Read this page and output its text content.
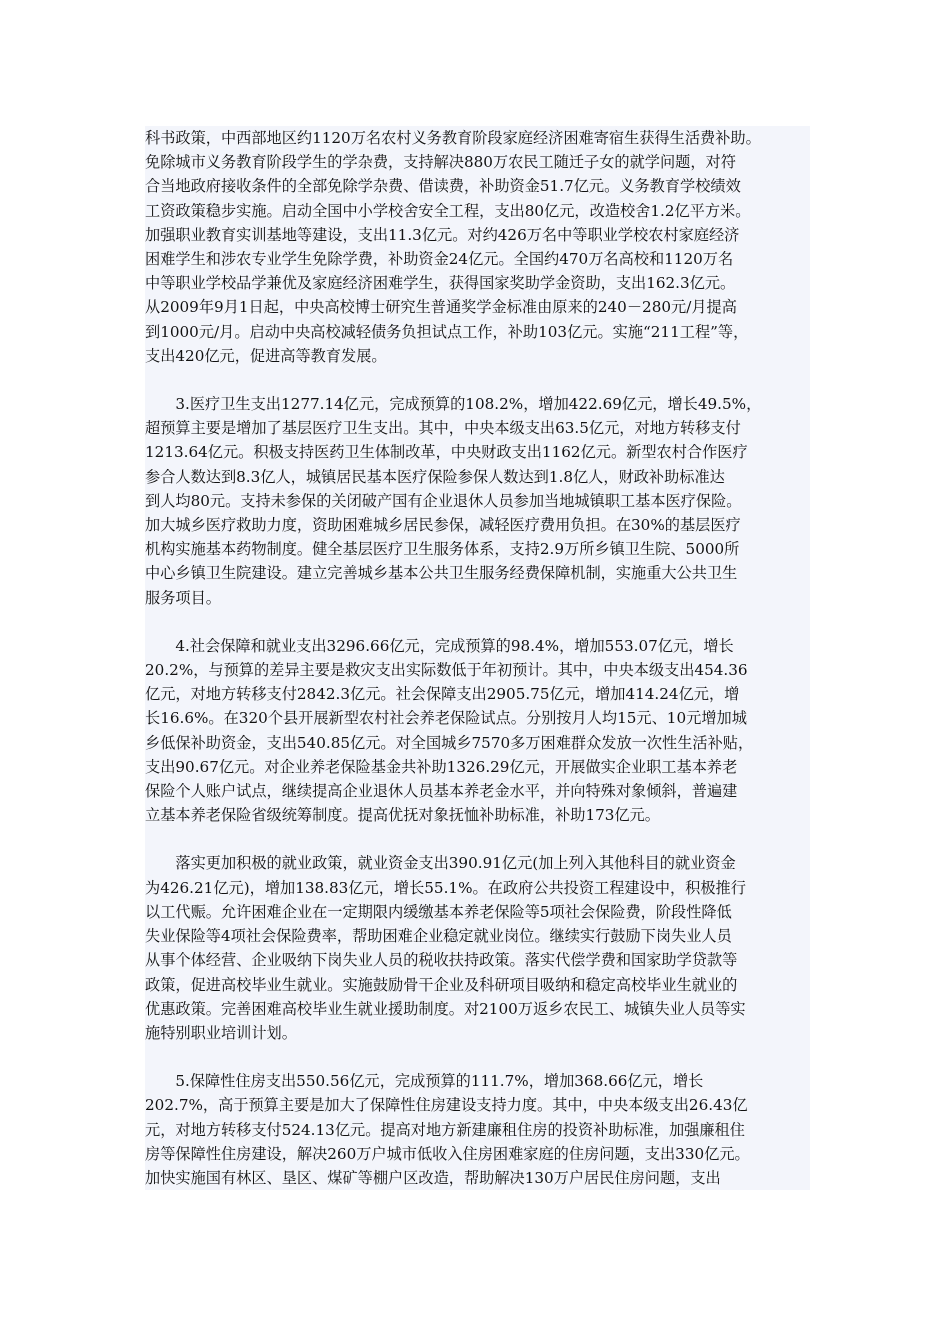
科书政策，中西部地区约1120万名农村义务教育阶段家庭经济困难寄宿生获得生活费补助。
免除城市义务教育阶段学生的学杂费，支持解决880万农民工随迁子女的就学问题，对符
合当地政府接收条件的全部免除学杂费、借读费，补助资金51.7亿元。义务教育学校绩效
工资政策稳步实施。启动全国中小学校舍安全工程，支出80亿元，改造校舍1.2亿平方米。
加强职业教育实训基地等建设，支出11.3亿元。对约426万名中等职业学校农村家庭经济
困难学生和涉农专业学生免除学费，补助资金24亿元。全国约470万名高校和1120万名
中等职业学校品学兼优及家庭经济困难学生，获得国家奖助学金资助，支出162.3亿元。
从2009年9月1日起，中央高校博士研究生普通奖学金标准由原来的240－280元/月提高
到1000元/月。启动中央高校减轻债务负担试点工作，补助103亿元。实施“211工程”等，
支出420亿元，促进高等教育发展。
　　3.医疗卫生支出1277.14亿元，完成预算的108.2%，增加422.69亿元，增长49.5%，
超预算主要是增加了基层医疗卫生支出。其中，中央本级支出63.5亿元，对地方转移支付
1213.64亿元。积极支持医药卫生体制改革，中央财政支出1162亿元。新型农村合作医疗
参合人数达到8.3亿人，城镇居民基本医疗保险参保人数达到1.8亿人，财政补助标准达
到人均80元。支持未参保的关闭破产国有企业退休人员参加当地城镇职工基本医疗保险。
加大城乡医疗救助力度，资助困难城乡居民参保，减轻医疗费用负担。在30%的基层医疗
机构实施基本药物制度。健全基层医疗卫生服务体系，支持2.9万所乡镇卫生院、5000所
中心乡镇卫生院建设。建立完善城乡基本公共卫生服务经费保障机制，实施重大公共卫生
服务项目。
　　4.社会保障和就业支出3296.66亿元，完成预算的98.4%，增加553.07亿元，增长
20.2%，与预算的差异主要是救灾支出实际数低于年初预计。其中，中央本级支出454.36
亿元，对地方转移支付2842.3亿元。社会保障支出2905.75亿元，增加414.24亿元，增
长16.6%。在320个县开展新型农村社会养老保险试点。分别按月人均15元、10元增加城
乡低保补助资金，支出540.85亿元。对全国城乡7570多万困难群众发放一次性生活补贴，
支出90.67亿元。对企业养老保险基金共补助1326.29亿元，开展做实企业职工基本养老
保险个人账户试点，继续提高企业退休人员基本养老金水平，并向特殊对象倾斜，普遍建
立基本养老保险省级统筹制度。提高优抚对象抚恤补助标准，补助173亿元。
　　落实更加积极的就业政策，就业资金支出390.91亿元(加上列入其他科目的就业资金
为426.21亿元)，增加138.83亿元，增长55.1%。在政府公共投资工程建设中，积极推行
以工代赈。允许困难企业在一定期限内缓缴基本养老保险等5项社会保险费，阶段性降低
失业保险等4项社会保险费率，帮助困难企业稳定就业岗位。继续实行鼓励下岗失业人员
从事个体经营、企业吸纳下岗失业人员的税收扶持政策。落实代偿学费和国家助学贷款等
政策，促进高校毕业生就业。实施鼓励骨干企业及科研项目吸纳和稳定高校毕业生就业的
优惠政策。完善困难高校毕业生就业援助制度。对2100万返乡农民工、城镇失业人员等实
施特别职业培训计划。
　　5.保障性住房支出550.56亿元，完成预算的111.7%，增加368.66亿元，增长
202.7%，高于预算主要是加大了保障性住房建设支持力度。其中，中央本级支出26.43亿
元，对地方转移支付524.13亿元。提高对地方新建廉租住房的投资补助标准，加强廉租住
房等保障性住房建设，解决260万户城市低收入住房困难家庭的住房问题，支出330亿元。
加快实施国有林区、垦区、煤矿等棚户区改造，帮助解决130万户居民住房问题，支出
